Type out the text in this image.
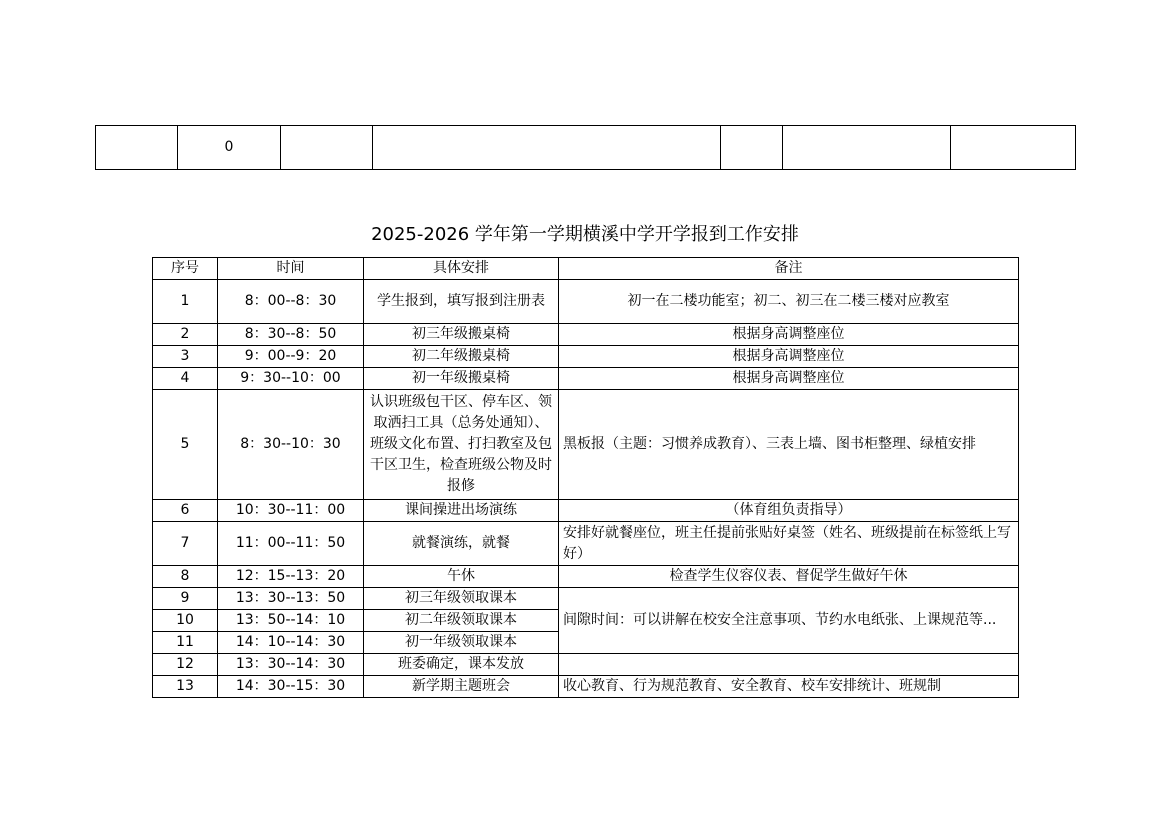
	0					
2025-2026 学年第一学期横溪中学开学报到工作安排
序号	时间	具体安排	备注
1	8：00--8：30	学生报到，填写报到注册表	初一在二楼功能室；初二、初三在二楼三楼对应教室
2	8：30--8：50	初三年级搬桌椅	根据身高调整座位
3	9：00--9：20	初二年级搬桌椅	根据身高调整座位
4	9：30--10：00	初一年级搬桌椅	根据身高调整座位
5	8：30--10：30	认识班级包干区、停车区、领取洒扫工具（总务处通知）、班级文化布置、打扫教室及包干区卫生，检查班级公物及时报修	黑板报（主题：习惯养成教育）、三表上墙、图书柜整理、绿植安排
6	10：30--11：00	课间操进出场演练	（体育组负责指导）
7	11：00--11：50	就餐演练，就餐	安排好就餐座位，班主任提前张贴好桌签（姓名、班级提前在标签纸上写好）
8	12：15--13：20	午休	检查学生仪容仪表、督促学生做好午休
9	13：30--13：50	初三年级领取课本	间隙时间：可以讲解在校安全注意事项、节约水电纸张、上课规范等...
10	13：50--14：10	初二年级领取课本	
11	14：10--14：30	初一年级领取课本	
12	13：30--14：30	班委确定，课本发放	
13	14：30--15：30	新学期主题班会	收心教育、行为规范教育、安全教育、校车安排统计、班规制
